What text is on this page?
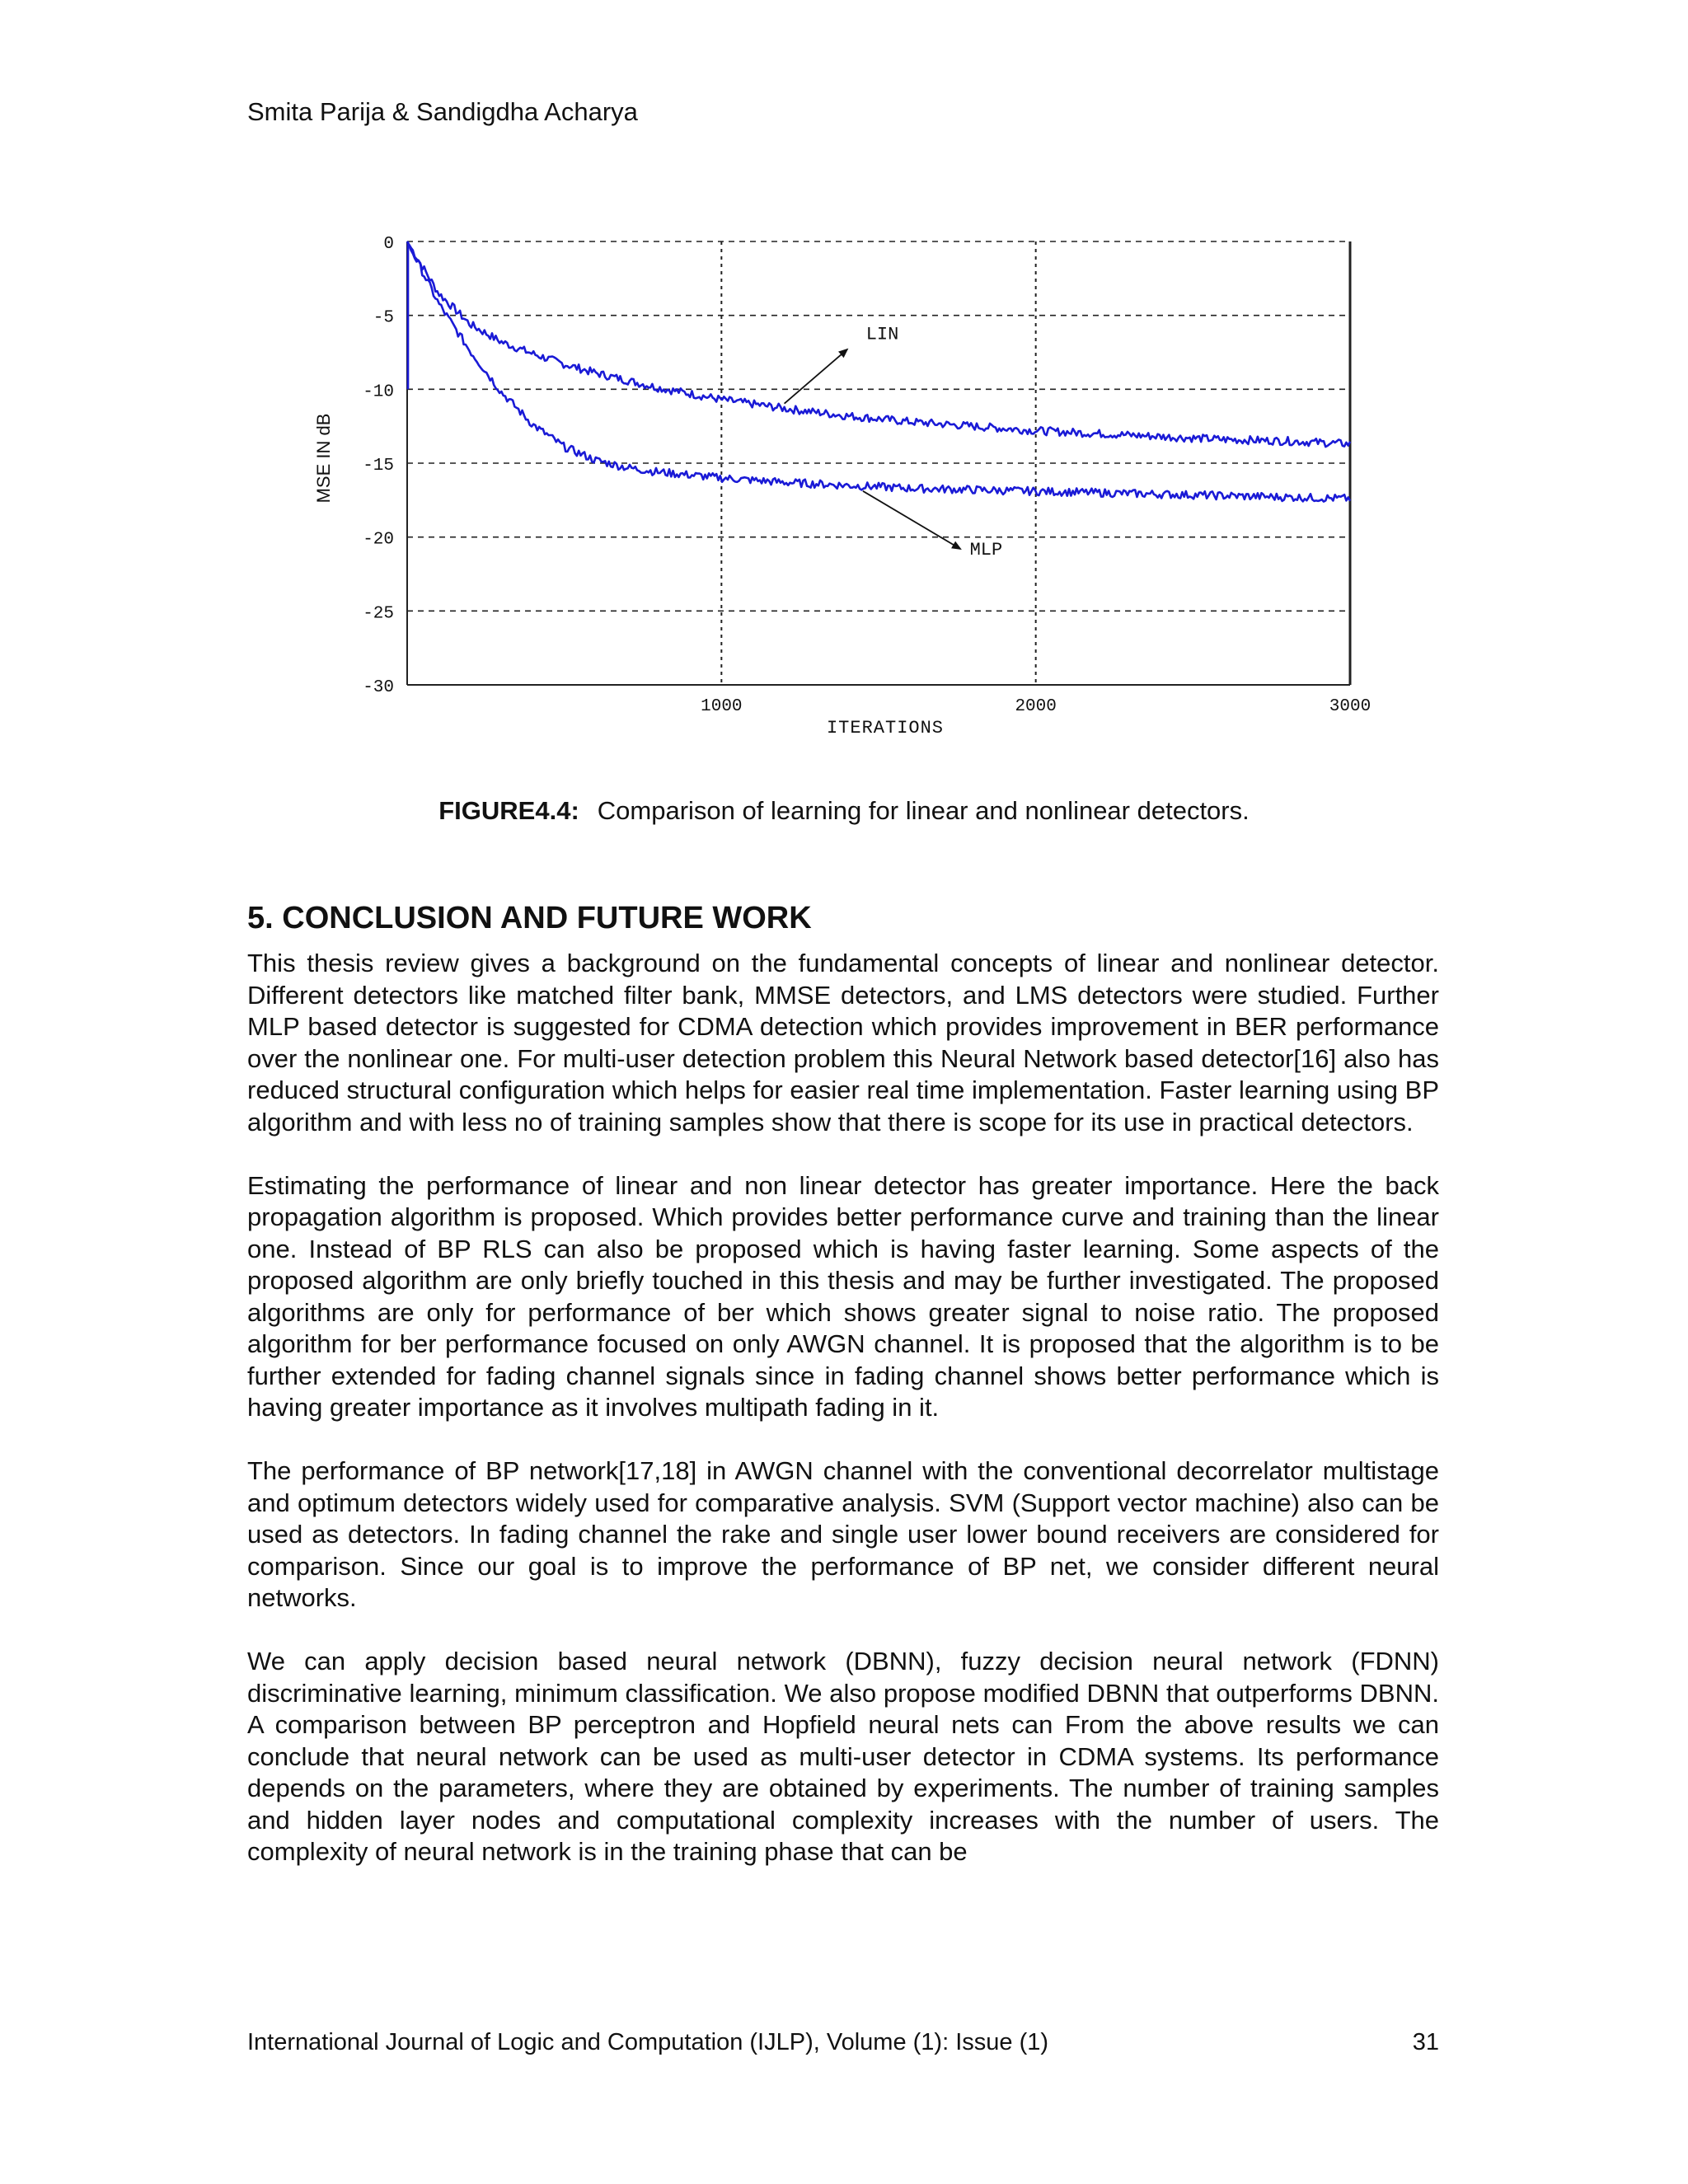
Smita Parija & Sandigdha Acharya
LIN
MLP
0
-5
-10
-15
-20
-25
-30
1000	2000	3000
ITERATIONS
MSE IN dB
FIGURE4.4: Comparison of learning for linear and nonlinear detectors.
5. CONCLUSION AND FUTURE WORK

This thesis review gives a background on the fundamental concepts of linear and nonlinear detector. Different detectors like matched filter bank, MMSE detectors, and LMS detectors were studied. Further MLP based detector is suggested for CDMA detection which provides improvement in BER performance over the nonlinear one. For multi-user detection problem this Neural Network based detector[16] also has reduced structural configuration which helps for easier real time implementation. Faster learning using BP algorithm and with less no of training samples show that there is scope for its use in practical detectors.

Estimating the performance of linear and non linear detector has greater importance. Here the back propagation algorithm is proposed. Which provides better performance curve and training than the linear one. Instead of BP RLS can also be proposed which is having faster learning. Some aspects of the proposed algorithm are only briefly touched in this thesis and may be further investigated. The proposed algorithms are only for performance of ber which shows greater signal to noise ratio. The proposed algorithm for ber performance focused on only AWGN channel. It is proposed that the algorithm is to be further extended for fading channel signals since in fading channel shows better performance which is having greater importance as it involves multipath fading in it.

The performance of BP network[17,18] in AWGN channel with the conventional decorrelator multistage and optimum detectors widely used for comparative analysis. SVM (Support vector machine) also can be used as detectors. In fading channel the rake and single user lower bound receivers are considered for comparison. Since our goal is to improve the performance of BP net, we consider different neural networks.

We can apply decision based neural network (DBNN), fuzzy decision neural network (FDNN) discriminative learning, minimum classification. We also propose modified DBNN that outperforms DBNN. A comparison between BP perceptron and Hopfield neural nets can From the above results we can conclude that neural network can be used as multi-user detector in CDMA systems. Its performance depends on the parameters, where they are obtained by experiments. The number of training samples and hidden layer nodes and computational complexity increases with the number of users. The complexity of neural network is in the training phase that can be

International Journal of Logic and Computation (IJLP), Volume (1): Issue (1)	31
